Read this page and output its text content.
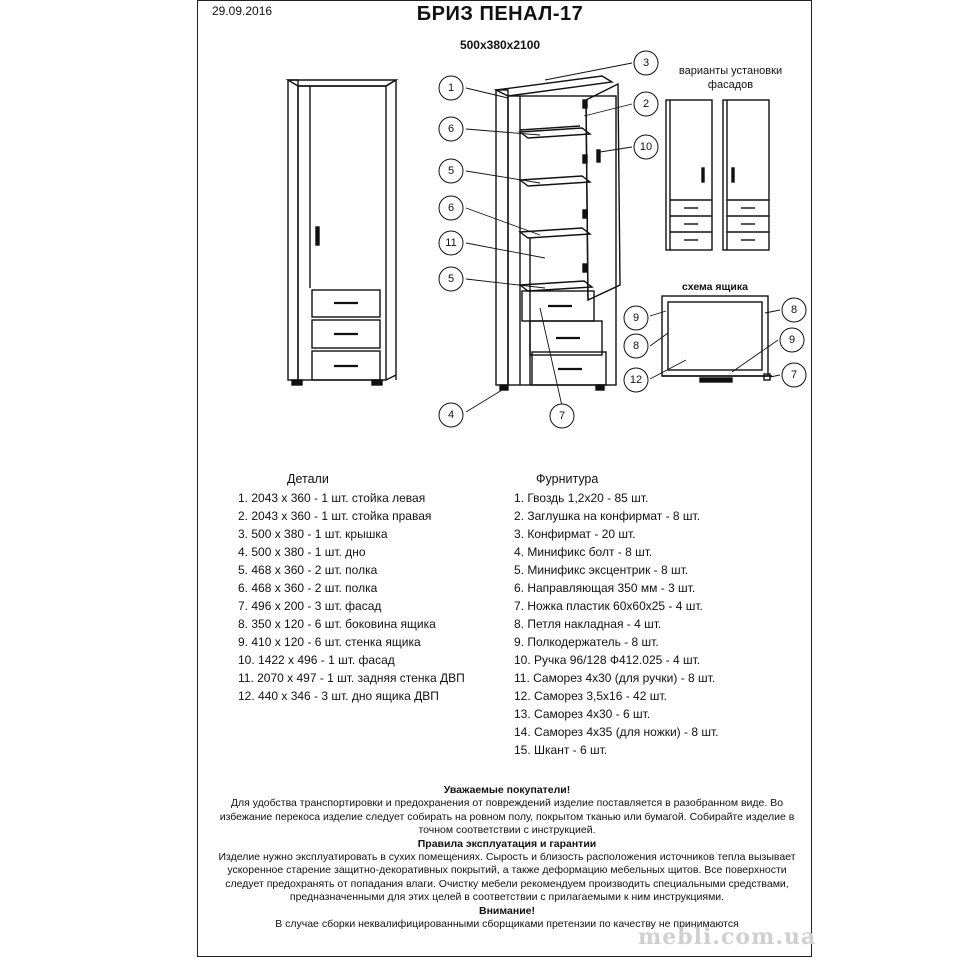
29.09.2016	БРИЗ ПЕНАЛ-17
500x380x2100
варианты установки
фасадов
схема ящика
1
6
5
6
11
5
4
3
2
10
7
9
8
8	9
12	7
Детали
1. 2043 x 360 - 1 шт. стойка левая
2. 2043 x 360 - 1 шт. стойка правая
3. 500 x 380 - 1 шт. крышка
4. 500 x 380 - 1 шт. дно
5. 468 x 360 - 2 шт. полка
6. 468 x 360 - 2 шт. полка
7. 496 x 200 - 3 шт. фасад
8. 350 x 120 - 6 шт. боковина ящика
9. 410 x 120 - 6 шт. стенка ящика
10. 1422 x 496 - 1 шт. фасад
11. 2070 x 497 - 1 шт. задняя стенка ДВП
12. 440 x 346 - 3 шт. дно ящика ДВП
Фурнитура
1. Гвоздь 1,2x20 - 85 шт.
2. Заглушка на конфирмат - 8 шт.
3. Конфирмат - 20 шт.
4. Минификс болт - 8 шт.
5. Минификс эксцентрик - 8 шт.
6. Направляющая 350 мм - 3 шт.
7. Ножка пластик 60x60x25 - 4 шт.
8. Петля накладная - 4 шт.
9. Полкодержатель - 8 шт.
10. Ручка 96/128 Ф412.025 - 4 шт.
11. Саморез 4x30 (для ручки) - 8 шт.
12. Саморез 3,5x16 - 42 шт.
13. Саморез 4x30 - 6 шт.
14. Саморез 4x35 (для ножки) - 8 шт.
15. Шкант - 6 шт.
Уважаемые покупатели!
Для удобства транспортировки и предохранения от повреждений изделие поставляется в разобранном виде. Во
избежание перекоса изделие следует собирать на ровном полу, покрытом тканью или бумагой. Собирайте изделие в
точном соответствии с инструкцией.
Правила эксплуатация и гарантии
Изделие нужно эксплуатировать в сухих помещениях. Сырость и близость расположения источников тепла вызывает
ускоренное старение защитно-декоративных покрытий, а также деформацию мебельных щитов. Все поверхности
следует предохранять от попадания влаги. Очистку мебели рекомендуем производить специальными средствами,
предназначенными для этих целей в соответствии с прилагаемыми к ним инструкциями.
Внимание!
В случае сборки неквалифицированными сборщиками претензии по качеству не принимаются
mebli.com.ua
